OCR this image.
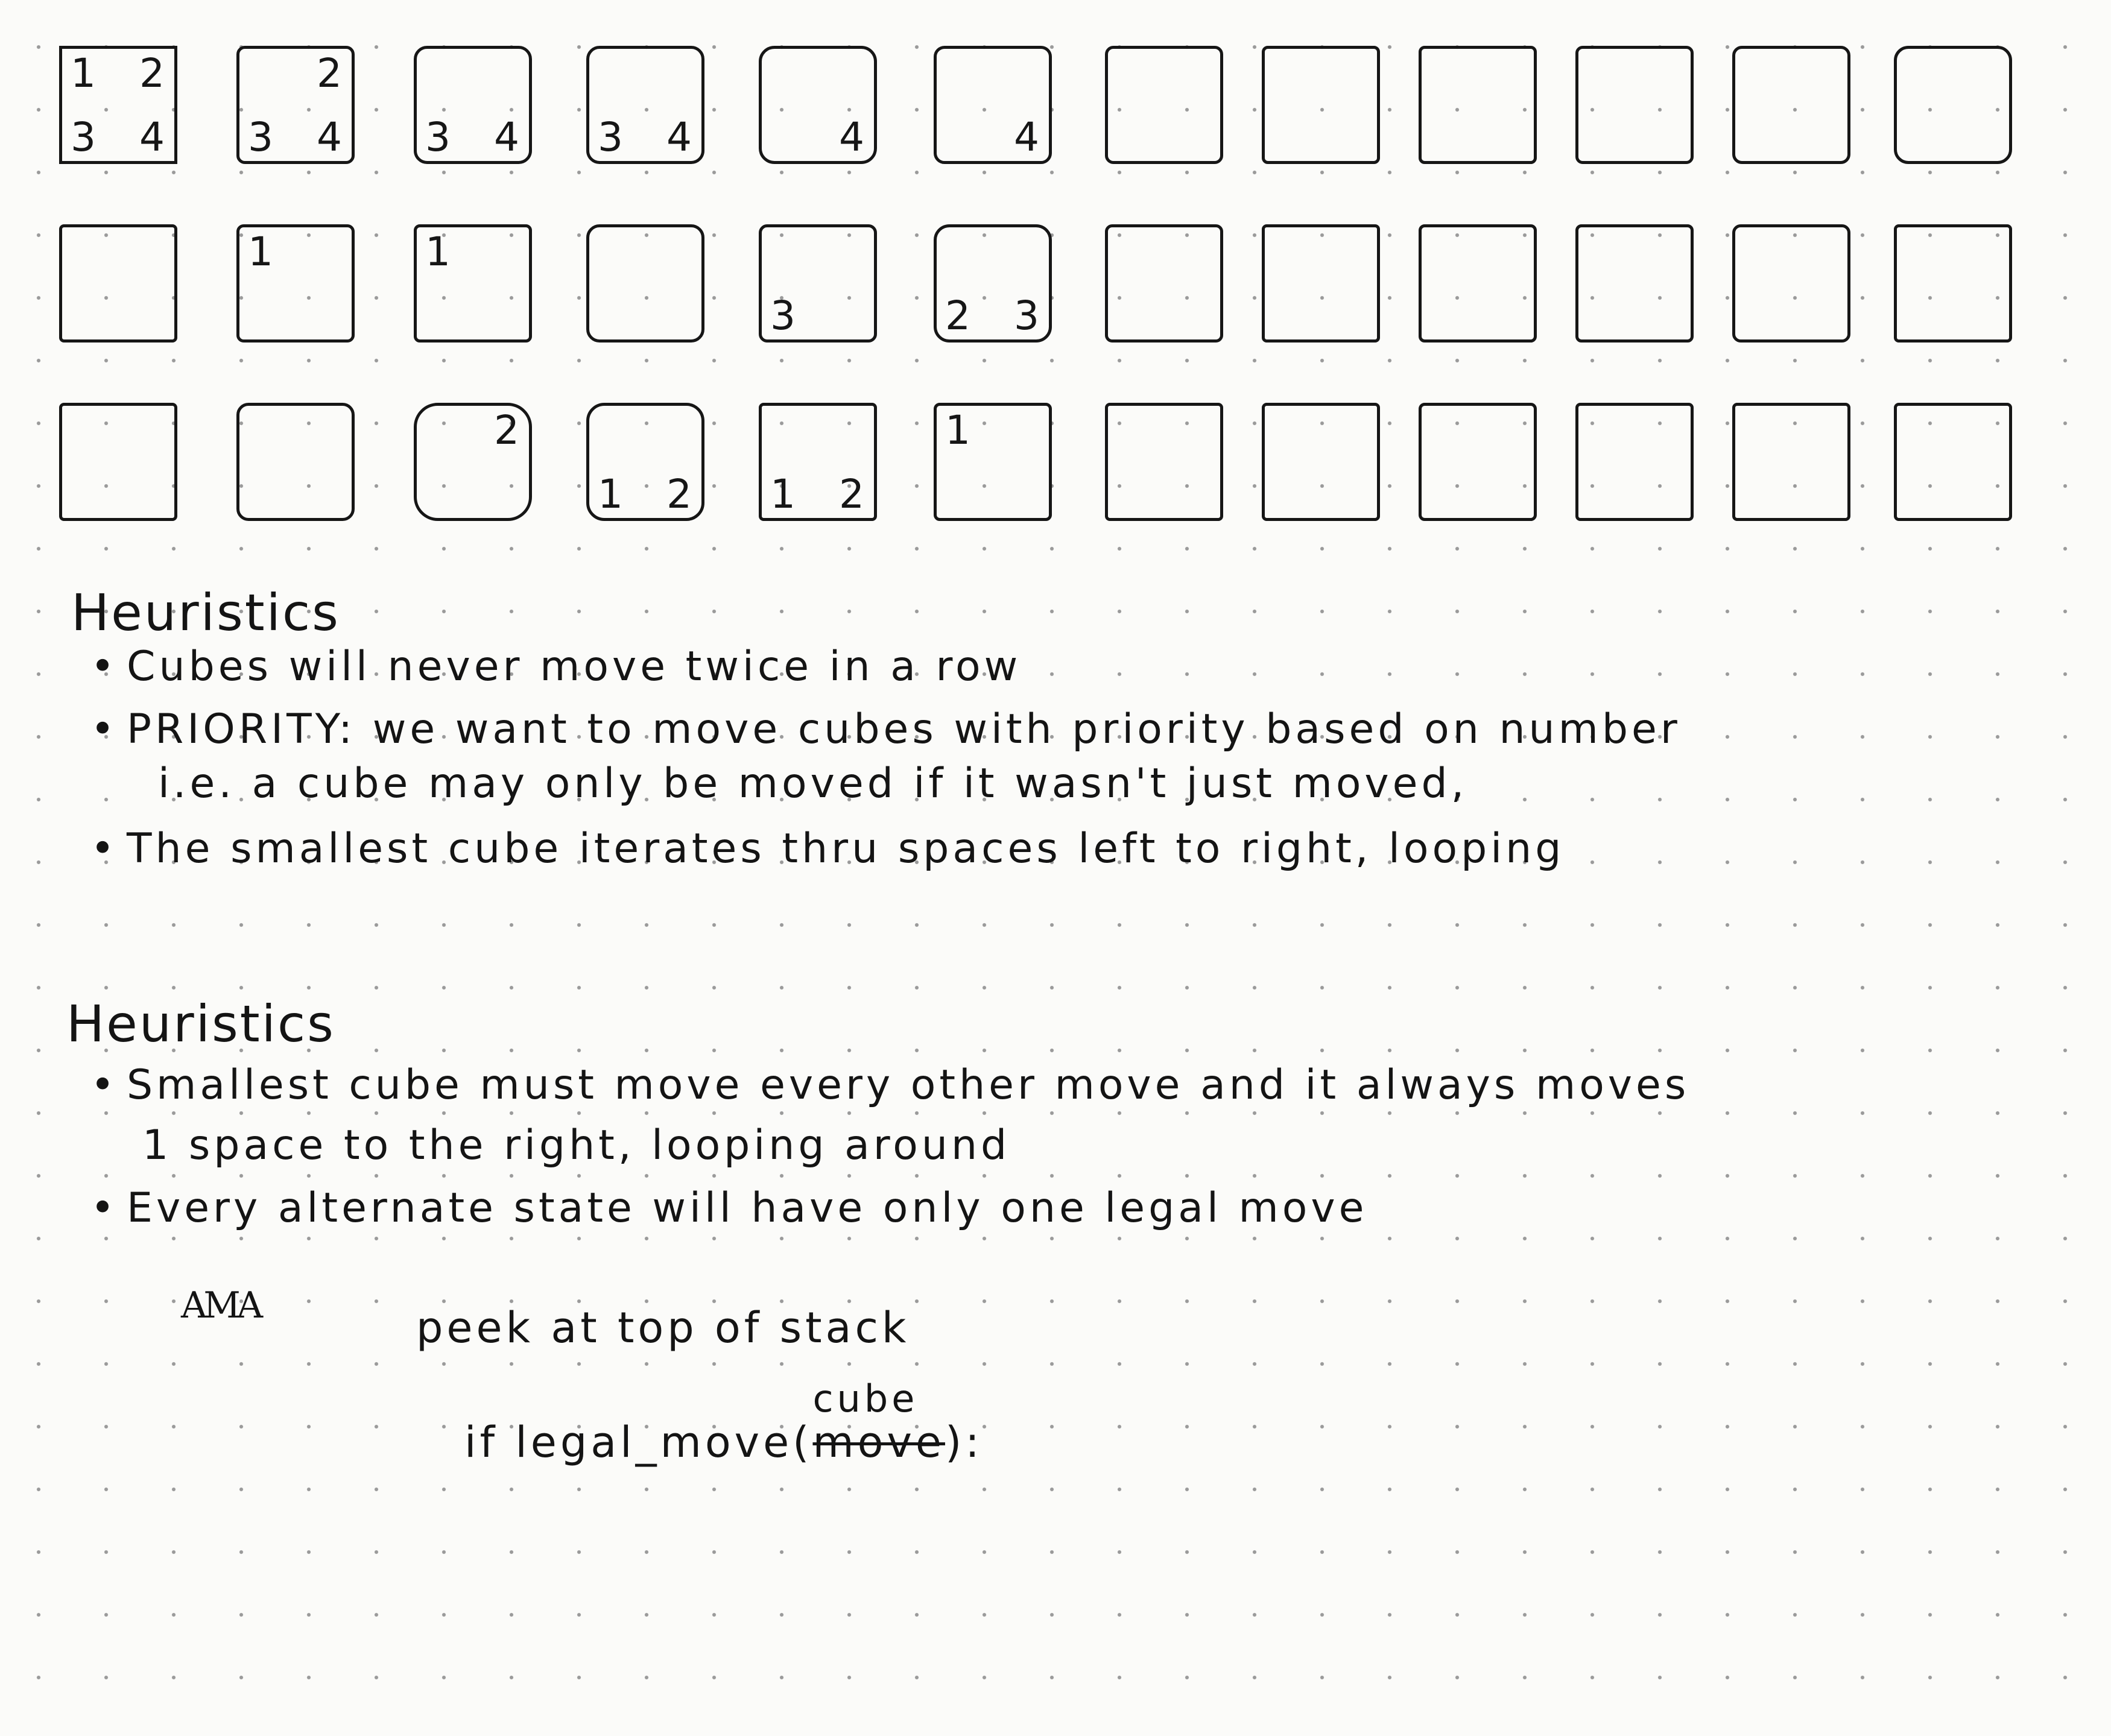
1 2
3 4
2
3 4 3 4 3 4	4	4
1	1
3	2 3
2
1 2 1 2
1
Heuristics
• Cubes will never move twice in a row
• PRIORITY: we want to move cubes with priority based on number
i.e. a cube may only be moved if it wasn't just moved,
• The smallest cube iterates thru spaces left to right, looping
Heuristics
• Smallest cube must move every other move and it always moves
1 space to the right, looping around
• Every alternate state will have only one legal move
AMA	peek at top of stack
if legal_move(
cube
move):
